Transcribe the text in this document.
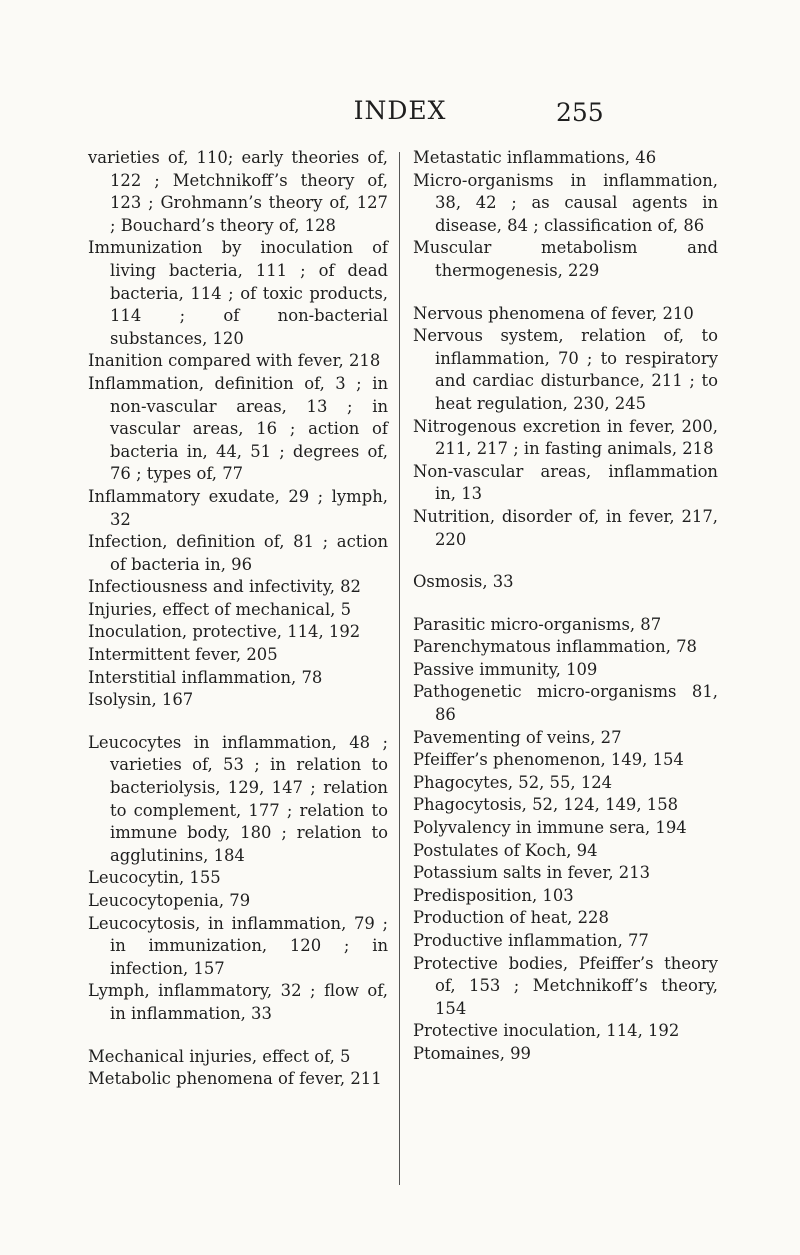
INDEX	255
varieties of, 110; early theories of, 122 ; Metchnikoff’s theory of, 123 ; Grohmann’s theory of, 127 ; Bouchard’s theory of, 128
Immunization by inoculation of living bacteria, 111 ; of dead bacteria, 114 ; of toxic products, 114 ; of non-bacterial substances, 120
Inanition compared with fever, 218
Inflammation, definition of, 3 ; in non-vascular areas, 13 ; in vascular areas, 16 ; action of bacteria in, 44, 51 ; degrees of, 76 ; types of, 77
Inflammatory exudate, 29 ; lymph, 32
Infection, definition of, 81 ; action of bacteria in, 96
Infectiousness and infectivity, 82
Injuries, effect of mechanical, 5
Inoculation, protective, 114, 192
Intermittent fever, 205
Interstitial inflammation, 78
Isolysin, 167
Leucocytes in inflammation, 48 ; varieties of, 53 ; in relation to bacteriolysis, 129, 147 ; relation to complement, 177 ; relation to immune body, 180 ; relation to agglutinins, 184
Leucocytin, 155
Leucocytopenia, 79
Leucocytosis, in inflammation, 79 ; in immunization, 120 ; in infection, 157
Lymph, inflammatory, 32 ; flow of, in inflammation, 33
Mechanical injuries, effect of, 5
Metabolic phenomena of fever, 211
Metastatic inflammations, 46
Micro-organisms in inflammation, 38, 42 ; as causal agents in disease, 84 ; classification of, 86
Muscular metabolism and thermogenesis, 229
Nervous phenomena of fever, 210
Nervous system, relation of, to inflammation, 70 ; to respiratory and cardiac disturbance, 211 ; to heat regulation, 230, 245
Nitrogenous excretion in fever, 200, 211, 217 ; in fasting animals, 218
Non-vascular areas, inflammation in, 13
Nutrition, disorder of, in fever, 217, 220
Osmosis, 33
Parasitic micro-organisms, 87
Parenchymatous inflammation, 78
Passive immunity, 109
Pathogenetic micro-organisms 81, 86
Pavementing of veins, 27
Pfeiffer’s phenomenon, 149, 154
Phagocytes, 52, 55, 124
Phagocytosis, 52, 124, 149, 158
Polyvalency in immune sera, 194
Postulates of Koch, 94
Potassium salts in fever, 213
Predisposition, 103
Production of heat, 228
Productive inflammation, 77
Protective bodies, Pfeiffer’s theory of, 153 ; Metchnikoff’s theory, 154
Protective inoculation, 114, 192
Ptomaines, 99
